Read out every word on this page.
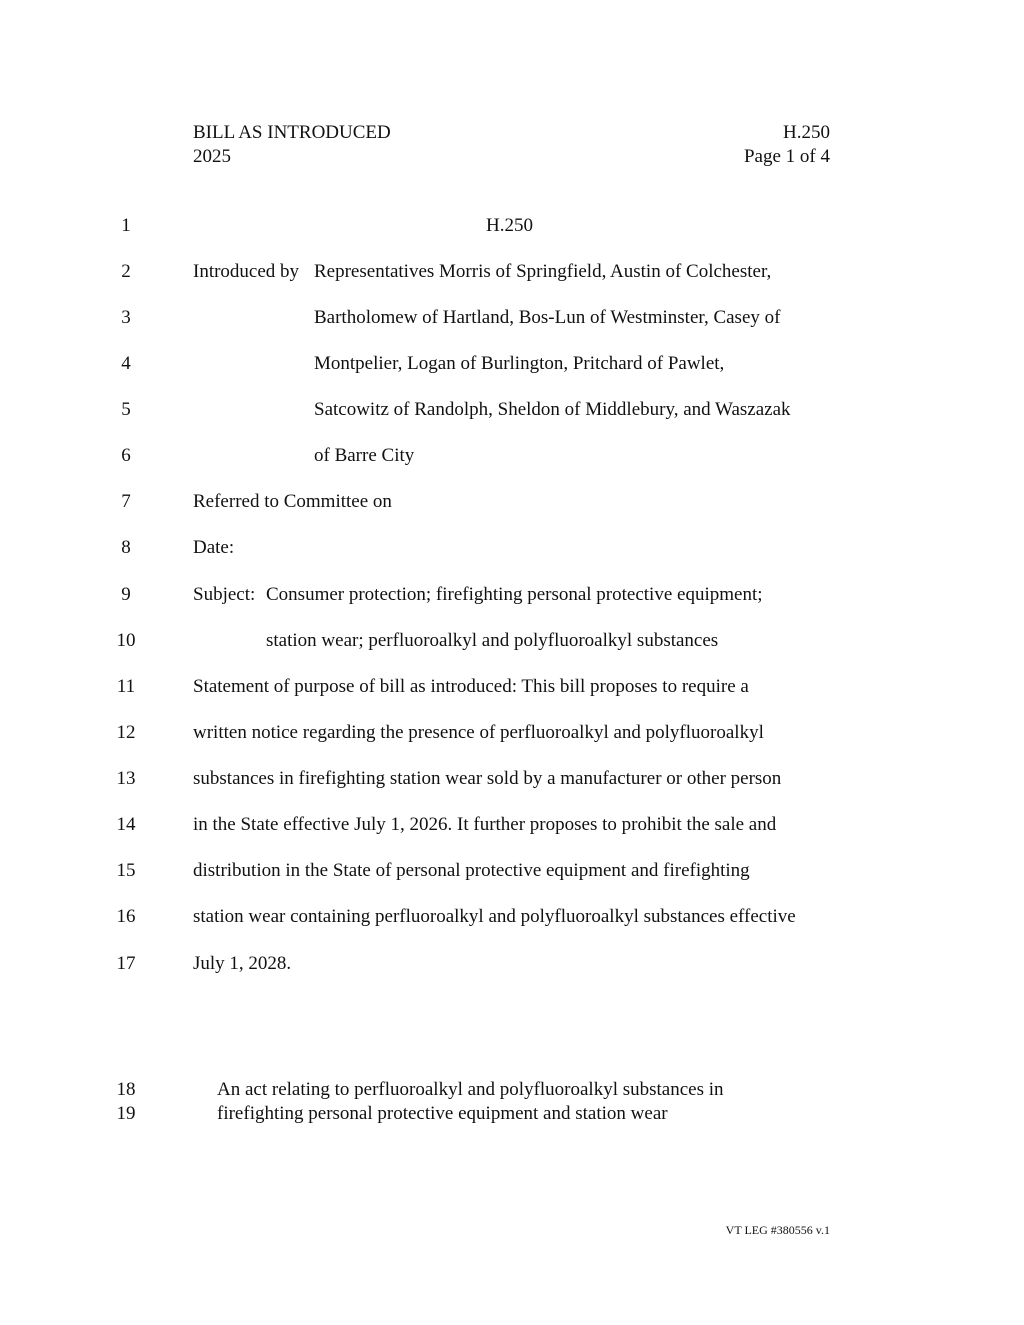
BILL AS INTRODUCED
2025
H.250
Page 1 of 4
1
2
3
4
5
6
7
8
9
10
11
12
13
14
15
16
17
18
19
H.250
Introduced by Representatives Morris of Springfield, Austin of Colchester,
Bartholomew of Hartland, Bos-Lun of Westminster, Casey of
Montpelier, Logan of Burlington, Pritchard of Pawlet,
Satcowitz of Randolph, Sheldon of Middlebury, and Waszazak
of Barre City
Referred to Committee on
Date:
Subject: Consumer protection; firefighting personal protective equipment;
station wear; perfluoroalkyl and polyfluoroalkyl substances
Statement of purpose of bill as introduced: This bill proposes to require a
written notice regarding the presence of perfluoroalkyl and polyfluoroalkyl
substances in firefighting station wear sold by a manufacturer or other person
in the State effective July 1, 2026. It further proposes to prohibit the sale and
distribution in the State of personal protective equipment and firefighting
station wear containing perfluoroalkyl and polyfluoroalkyl substances effective
July 1, 2028.
An act relating to perfluoroalkyl and polyfluoroalkyl substances in
firefighting personal protective equipment and station wear
VT LEG #380556 v.1
